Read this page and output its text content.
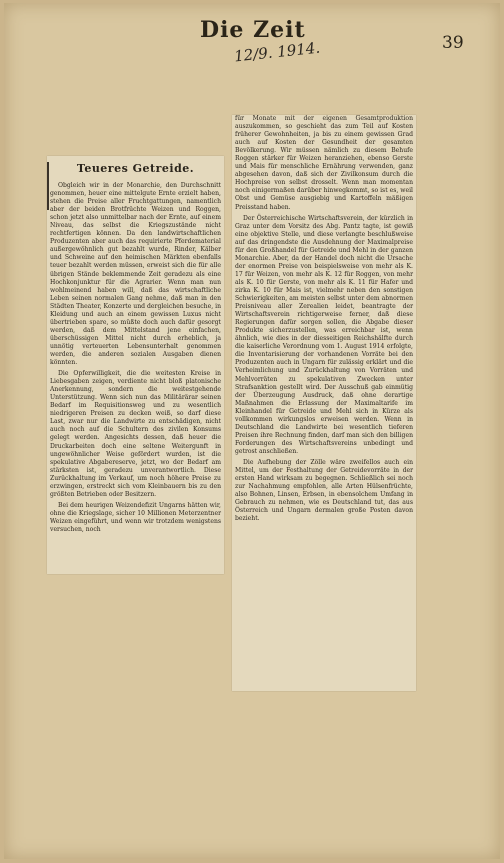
Die Zeit
12/9. 1914.	39
Teueres Getreide.

Obgleich wir in der Monarchie, den Durchschnitt genommen, heuer eine mittelgute Ernte erzielt haben, stehen die Preise aller Fruchtgattungen, namentlich aber der beiden Brotfrüchte Weizen und Roggen, schon jetzt also unmittelbar nach der Ernte, auf einem Niveau, das selbst die Kriegszustände nicht rechtfertigen können. Da den landwirtschaftlichen Produzenten aber auch das requirierte Pferdematerial außergewöhnlich gut bezahlt wurde, Rinder, Kälber und Schweine auf den heimischen Märkten ebenfalls teuer bezahlt werden müssen, erweist sich die für alle übrigen Stände beklemmende Zeit geradezu als eine Hochkonjunktur für die Agrarier. Wenn man nun wohlmeinend haben will, daß das wirtschaftliche Leben seinen normalen Gang nehme, daß man in den Städten Theater, Konzerte und dergleichen besuche, in Kleidung und auch an einem gewissen Luxus nicht übertrieben spare, so müßte doch auch dafür gesorgt werden, daß dem Mittelstand jene einfachen, überschüssigen Mittel nicht durch erheblich, ja unnötig verteuerten Lebensunterhalt genommen werden, die anderen sozialen Ausgaben dienen könnten.

Die Opferwilligkeit, die die weitesten Kreise in Liebesgaben zeigen, verdiente nicht bloß platonische Anerkennung, sondern die weitestgehende Unterstützung. Wenn sich nun das Militärärar seinen Bedarf im Requisitionsweg und zu wesentlich niedrigeren Preisen zu decken weiß, so darf diese Last, zwar nur die Landwirte zu entschädigen, nicht auch noch auf die Schultern des zivilen Konsums gelegt werden. Angesichts dessen, daß heuer die Druckarbeiten doch eine seltene Weitergunft in ungewöhnlicher Weise gefördert wurden, ist die spekulative Abgabereserve, jetzt, wo der Bedarf am stärksten ist, geradezu unverantwortlich. Diese Zurückhaltung im Verkauf, um noch höhere Preise zu erzwingen, erstreckt sich vom Kleinbauern bis zu den größten Betrieben oder Besitzern.

Bei dem heurigen Weizendefizit Ungarns hätten wir, ohne die Kriegslage, sicher 10 Millionen Meterzentner Weizen eingeführt, und wenn wir trotzdem wenigstens versuchen, noch

für Monate mit der eigenen Gesamtproduktion auszukommen, so geschieht das zum Teil auf Kosten früherer Gewohnheiten, ja bis zu einem gewissen Grad auch auf Kosten der Gesundheit der gesamten Bevölkerung. Wir müssen nämlich zu diesem Behufe Roggen stärker für Weizen heranziehen, ebenso Gerste und Mais für menschliche Ernährung verwenden, ganz abgesehen davon, daß sich der Zivilkonsum durch die Hochpreise von selbst drosselt. Wenn man momentan noch einigermaßen darüber hinwegkommt, so ist es, weil Obst und Gemüse ausgiebig und Kartoffeln mäßigen Preisstand haben.

Der Österreichische Wirtschaftsverein, der kürzlich in Graz unter dem Vorsitz des Abg. Pantz tagte, ist gewiß eine objektive Stelle, und diese verlangte beschlußweise auf das dringendste die Ausdehnung der Maximalpreise für den Großhandel für Getreide und Mehl in der ganzen Monarchie. Aber, da der Handel doch nicht die Ursache der enormen Preise von beispielsweise von mehr als K. 17 für Weizen, von mehr als K. 12 für Roggen, von mehr als K. 10 für Gerste, von mehr als K. 11 für Hafer und zirka K. 10 für Mais ist, vielmehr neben den sonstigen Schwierigkeiten, am meisten selbst unter dem abnormen Preisniveau aller Zerealien leidet, beantragte der Wirtschaftsverein richtigerweise ferner, daß diese Regierungen dafür sorgen sollen, die Abgabe dieser Produkte sicherzustellen, was erreichbar ist, wenn ähnlich, wie dies in der diesseitigen Reichshälfte durch die kaiserliche Verordnung vom 1. August 1914 erfolgte, die Inventarisierung der vorhandenen Vorräte bei den Produzenten auch in Ungarn für zulässig erklärt und die Verheimlichung und Zurückhaltung von Vorräten und Mehlvorräten zu spekulativen Zwecken unter Strafsanktion gestellt wird. Der Ausschuß gab einmütig der Überzeugung Ausdruck, daß ohne derartige Maßnahmen die Erlassung der Maximaltarife im Kleinhandel für Getreide und Mehl sich in Kürze als vollkommen wirkungslos erweisen werden. Wenn in Deutschland die Landwirte bei wesentlich tieferen Preisen ihre Rechnung finden, darf man sich den billigen Forderungen des Wirtschaftsvereins unbedingt und getrost anschließen.

Die Aufhebung der Zölle wäre zweifellos auch ein Mittel, um der Festhaltung der Getreidevorräte in der ersten Hand wirksam zu begegnen. Schließlich sei noch zur Nachahmung empfohlen, alle Arten Hülsenfrüchte, also Bohnen, Linsen, Erbsen, in ebensolchem Umfang in Gebrauch zu nehmen, wie es Deutschland tut, das aus Österreich und Ungarn dermalen große Posten davon bezieht.
